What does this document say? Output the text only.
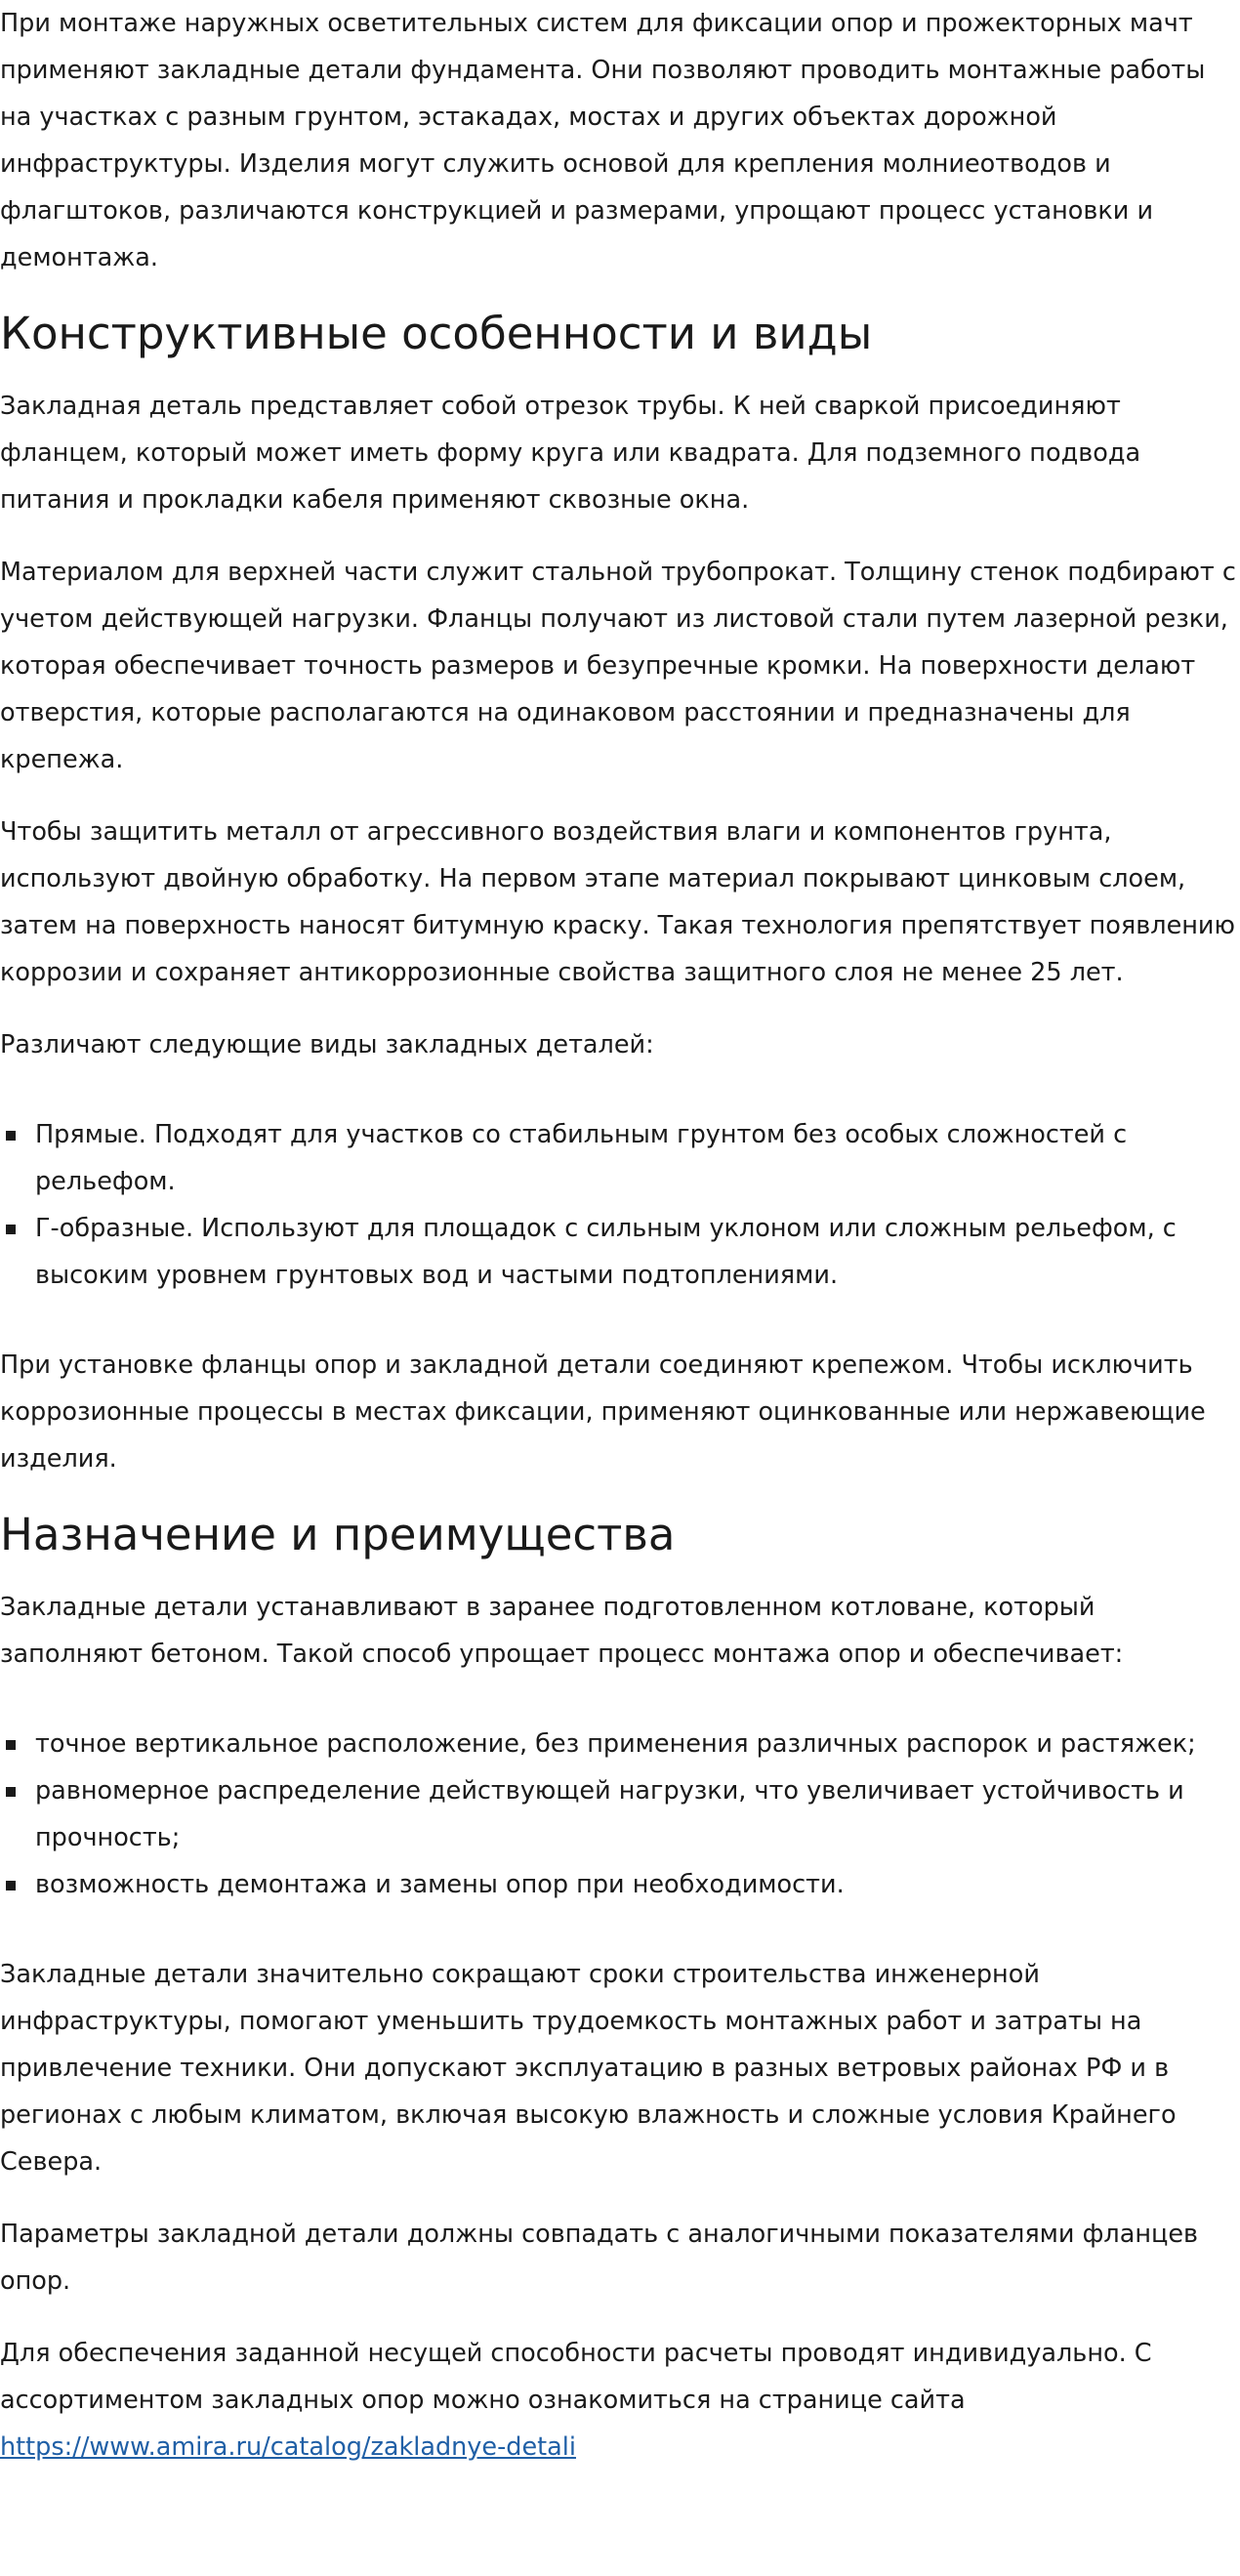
При монтаже наружных осветительных систем для фиксации опор и прожекторных мачт применяют закладные детали фундамента. Они позволяют проводить монтажные работы на участках с разным грунтом, эстакадах, мостах и других объектах дорожной инфраструктуры. Изделия могут служить основой для крепления молниеотводов и флагштоков, различаются конструкцией и размерами, упрощают процесс установки и демонтажа.

Конструктивные особенности и виды

Закладная деталь представляет собой отрезок трубы. К ней сваркой присоединяют фланцем, который может иметь форму круга или квадрата. Для подземного подвода питания и прокладки кабеля применяют сквозные окна.

Материалом для верхней части служит стальной трубопрокат. Толщину стенок подбирают с учетом действующей нагрузки. Фланцы получают из листовой стали путем лазерной резки, которая обеспечивает точность размеров и безупречные кромки. На поверхности делают отверстия, которые располагаются на одинаковом расстоянии и предназначены для крепежа.

Чтобы защитить металл от агрессивного воздействия влаги и компонентов грунта, используют двойную обработку. На первом этапе материал покрывают цинковым слоем, затем на поверхность наносят битумную краску. Такая технология препятствует появлению коррозии и сохраняет антикоррозионные свойства защитного слоя не менее 25 лет.

Различают следующие виды закладных деталей:

Прямые. Подходят для участков со стабильным грунтом без особых сложностей с рельефом.
Г-образные. Используют для площадок с сильным уклоном или сложным рельефом, с высоким уровнем грунтовых вод и частыми подтоплениями.

При установке фланцы опор и закладной детали соединяют крепежом. Чтобы исключить коррозионные процессы в местах фиксации, применяют оцинкованные или нержавеющие изделия.

Назначение и преимущества

Закладные детали устанавливают в заранее подготовленном котловане, который заполняют бетоном. Такой способ упрощает процесс монтажа опор и обеспечивает:

точное вертикальное расположение, без применения различных распорок и растяжек;
равномерное распределение действующей нагрузки, что увеличивает устойчивость и прочность;
возможность демонтажа и замены опор при необходимости.

Закладные детали значительно сокращают сроки строительства инженерной инфраструктуры, помогают уменьшить трудоемкость монтажных работ и затраты на привлечение техники. Они допускают эксплуатацию в разных ветровых районах РФ и в регионах с любым климатом, включая высокую влажность и сложные условия Крайнего Севера.

Параметры закладной детали должны совпадать с аналогичными показателями фланцев опор.

Для обеспечения заданной несущей способности расчеты проводят индивидуально. С ассортиментом закладных опор можно ознакомиться на странице сайта
https://www.amira.ru/catalog/zakladnye-detali
